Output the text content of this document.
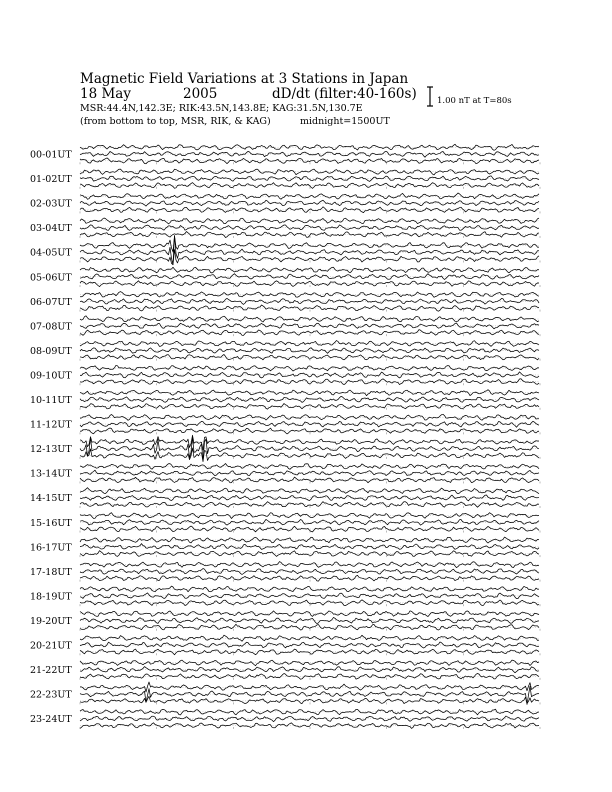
Magnetic Field Variations at 3 Stations in Japan
18 May	2005	dD/dt (filter:40-160s)
MSR:44.4N,142.3E; RIK:43.5N,143.8E; KAG:31.5N,130.7E
(from bottom to top, MSR, RIK, & KAG)	midnight=1500UT
1.00 nT at T=80s
00-01UT
01-02UT
02-03UT
03-04UT
04-05UT
05-06UT
06-07UT
07-08UT
08-09UT
09-10UT
10-11UT
11-12UT
12-13UT
13-14UT
14-15UT
15-16UT
16-17UT
17-18UT
18-19UT
19-20UT
20-21UT
21-22UT
22-23UT
23-24UT
